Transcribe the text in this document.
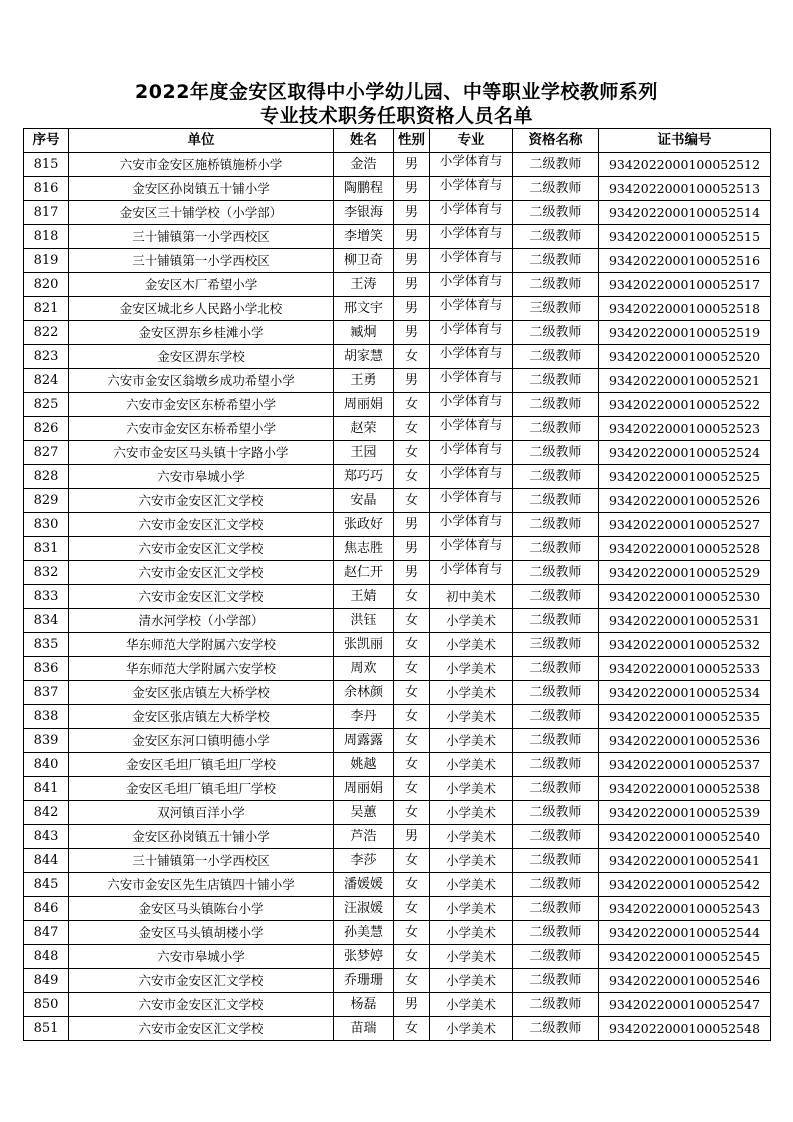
2022年度金安区取得中小学幼儿园、中等职业学校教师系列
专业技术职务任职资格人员名单
序号	单位	姓名	性别	专业	资格名称	证书编号
815	六安市金安区施桥镇施桥小学	金浩	男	小学体育与	二级教师	9342022000100052512
816	金安区孙岗镇五十铺小学	陶鹏程	男	小学体育与	二级教师	9342022000100052513
817	金安区三十铺学校（小学部）	李银海	男	小学体育与	二级教师	9342022000100052514
818	三十铺镇第一小学西校区	李增笑	男	小学体育与	二级教师	9342022000100052515
819	三十铺镇第一小学西校区	柳卫奇	男	小学体育与	二级教师	9342022000100052516
820	金安区木厂希望小学	王涛	男	小学体育与	二级教师	9342022000100052517
821	金安区城北乡人民路小学北校	邢文宇	男	小学体育与	三级教师	9342022000100052518
822	金安区淠东乡桂滩小学	臧炯	男	小学体育与	二级教师	9342022000100052519
823	金安区淠东学校	胡家慧	女	小学体育与	二级教师	9342022000100052520
824	六安市金安区翁墩乡成功希望小学	王勇	男	小学体育与	二级教师	9342022000100052521
825	六安市金安区东桥希望小学	周丽娟	女	小学体育与	二级教师	9342022000100052522
826	六安市金安区东桥希望小学	赵荣	女	小学体育与	二级教师	9342022000100052523
827	六安市金安区马头镇十字路小学	王园	女	小学体育与	二级教师	9342022000100052524
828	六安市皋城小学	郑巧巧	女	小学体育与	二级教师	9342022000100052525
829	六安市金安区汇文学校	安晶	女	小学体育与	二级教师	9342022000100052526
830	六安市金安区汇文学校	张政好	男	小学体育与	二级教师	9342022000100052527
831	六安市金安区汇文学校	焦志胜	男	小学体育与	二级教师	9342022000100052528
832	六安市金安区汇文学校	赵仁开	男	小学体育与	二级教师	9342022000100052529
833	六安市金安区汇文学校	王婧	女	初中美术	二级教师	9342022000100052530
834	清水河学校（小学部）	洪钰	女	小学美术	二级教师	9342022000100052531
835	华东师范大学附属六安学校	张凯丽	女	小学美术	三级教师	9342022000100052532
836	华东师范大学附属六安学校	周欢	女	小学美术	二级教师	9342022000100052533
837	金安区张店镇左大桥学校	余林颜	女	小学美术	二级教师	9342022000100052534
838	金安区张店镇左大桥学校	李丹	女	小学美术	二级教师	9342022000100052535
839	金安区东河口镇明德小学	周露露	女	小学美术	二级教师	9342022000100052536
840	金安区毛坦厂镇毛坦厂学校	姚越	女	小学美术	二级教师	9342022000100052537
841	金安区毛坦厂镇毛坦厂学校	周丽娟	女	小学美术	二级教师	9342022000100052538
842	双河镇百洋小学	吴蕙	女	小学美术	二级教师	9342022000100052539
843	金安区孙岗镇五十铺小学	芦浩	男	小学美术	二级教师	9342022000100052540
844	三十铺镇第一小学西校区	李莎	女	小学美术	二级教师	9342022000100052541
845	六安市金安区先生店镇四十铺小学	潘媛媛	女	小学美术	二级教师	9342022000100052542
846	金安区马头镇陈台小学	汪淑媛	女	小学美术	二级教师	9342022000100052543
847	金安区马头镇胡楼小学	孙美慧	女	小学美术	二级教师	9342022000100052544
848	六安市皋城小学	张梦婷	女	小学美术	二级教师	9342022000100052545
849	六安市金安区汇文学校	乔珊珊	女	小学美术	二级教师	9342022000100052546
850	六安市金安区汇文学校	杨磊	男	小学美术	二级教师	9342022000100052547
851	六安市金安区汇文学校	苗瑞	女	小学美术	二级教师	9342022000100052548
